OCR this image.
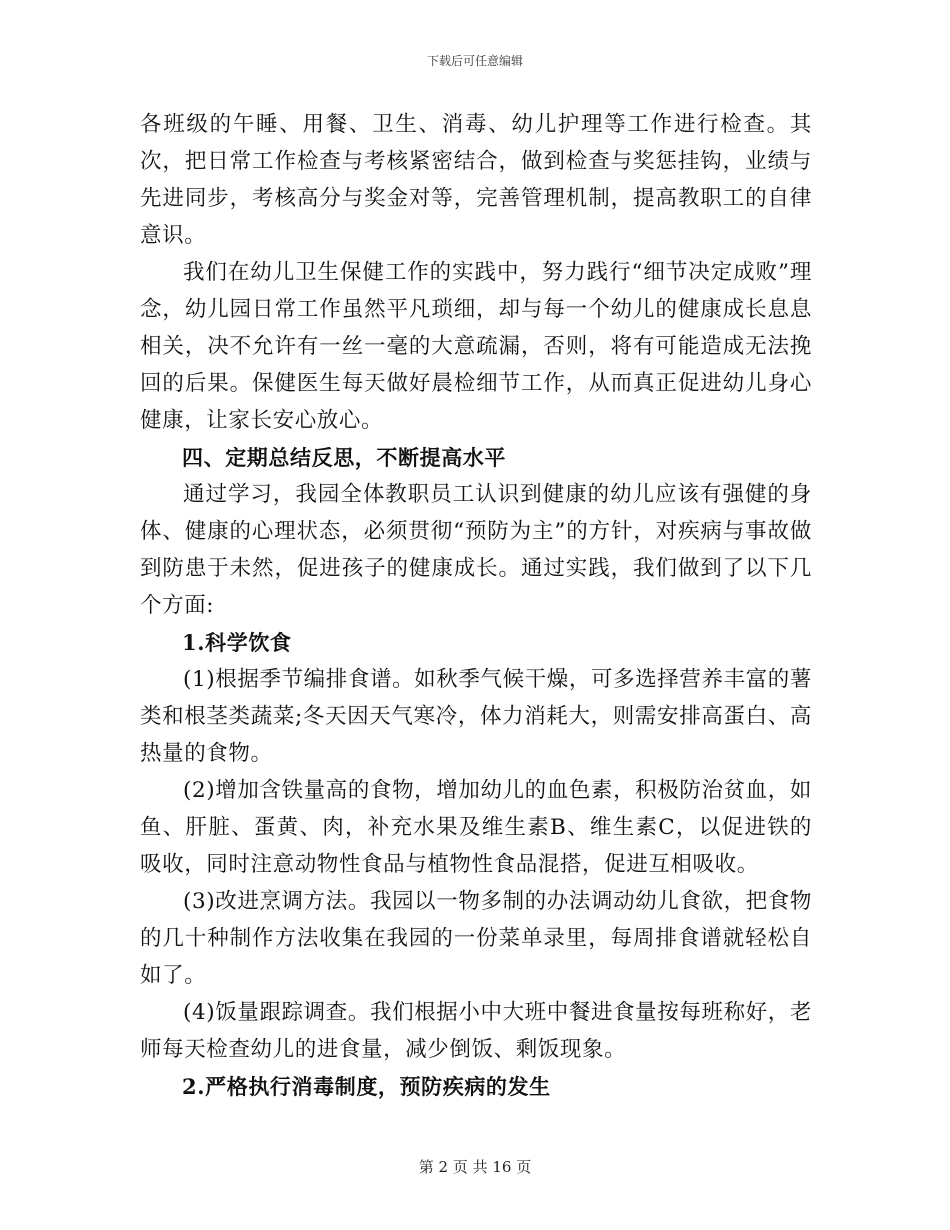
下载后可任意编辑

各班级的午睡、用餐、卫生、消毒、幼儿护理等工作进行检查。其次，把日常工作检查与考核紧密结合，做到检查与奖惩挂钩，业绩与先进同步，考核高分与奖金对等，完善管理机制，提高教职工的自律意识。

我们在幼儿卫生保健工作的实践中，努力践行“细节决定成败”理念，幼儿园日常工作虽然平凡琐细，却与每一个幼儿的健康成长息息相关，决不允许有一丝一毫的大意疏漏，否则，将有可能造成无法挽回的后果。保健医生每天做好晨检细节工作，从而真正促进幼儿身心健康，让家长安心放心。

四、定期总结反思，不断提高水平

通过学习，我园全体教职员工认识到健康的幼儿应该有强健的身体、健康的心理状态，必须贯彻“预防为主”的方针，对疾病与事故做到防患于未然，促进孩子的健康成长。通过实践，我们做到了以下几个方面:

1.科学饮食

(1)根据季节编排食谱。如秋季气候干燥，可多选择营养丰富的薯类和根茎类蔬菜;冬天因天气寒冷，体力消耗大，则需安排高蛋白、高热量的食物。

(2)增加含铁量高的食物，增加幼儿的血色素，积极防治贫血，如鱼、肝脏、蛋黄、肉，补充水果及维生素B、维生素C，以促进铁的吸收，同时注意动物性食品与植物性食品混搭，促进互相吸收。

(3)改进烹调方法。我园以一物多制的办法调动幼儿食欲，把食物的几十种制作方法收集在我园的一份菜单录里，每周排食谱就轻松自如了。

(4)饭量跟踪调查。我们根据小中大班中餐进食量按每班称好，老师每天检查幼儿的进食量，减少倒饭、剩饭现象。

2.严格执行消毒制度，预防疾病的发生

第 2 页 共 16 页
